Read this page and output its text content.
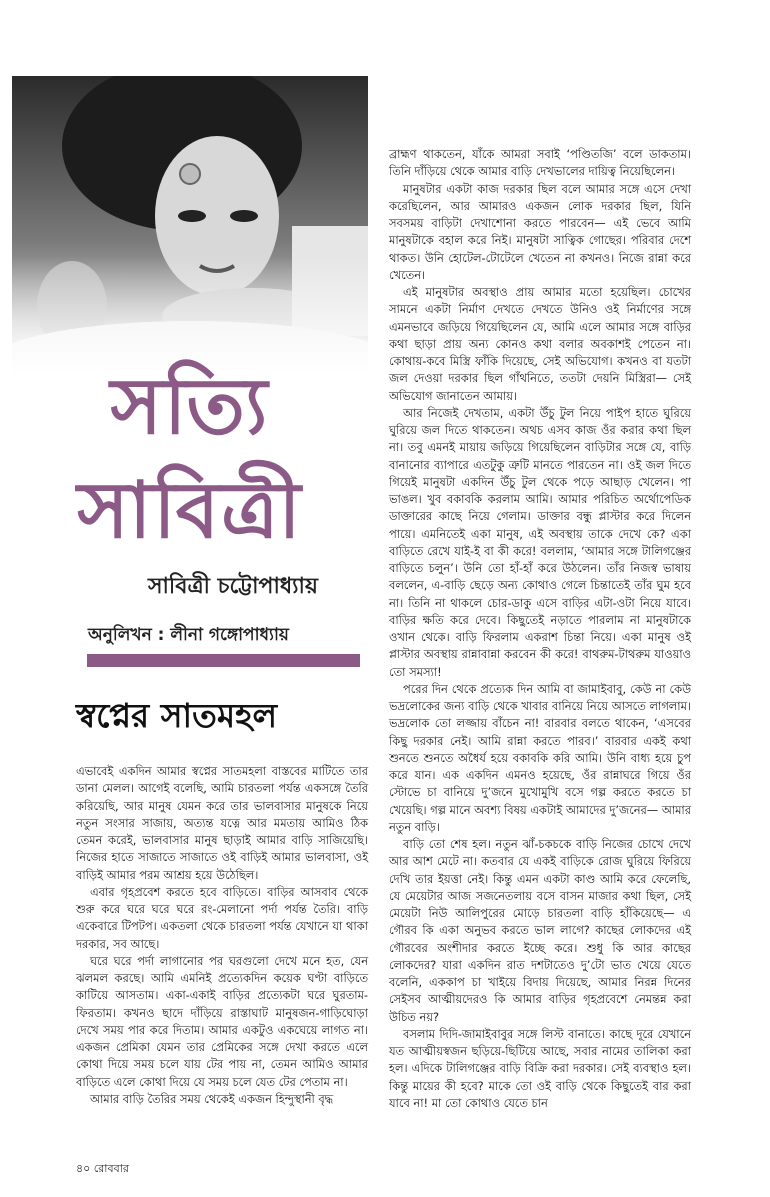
সত্যি
সাবিত্রী
সাবিত্রী চট্টোপাধ্যায়
অনুলিখন : লীনা গঙ্গোপাধ্যায়
স্বপ্নের সাতমহল

এভাবেই একদিন আমার স্বপ্নের সাতমহলা বাস্তবের মাটিতে তার ডানা মেলল। আগেই বলেছি, আমি চারতলা পর্যন্ত একসঙ্গে তৈরি করিয়েছি, আর মানুষ যেমন করে তার ভালবাসার মানুষকে নিয়ে নতুন সংসার সাজায়, অত্যন্ত যত্নে আর মমতায় আমিও ঠিক তেমন করেই, ভালবাসার মানুষ ছাড়াই আমার বাড়ি সাজিয়েছি। নিজের হাতে সাজাতে সাজাতে ওই বাড়িই আমার ভালবাসা, ওই বাড়িই আমার পরম আশ্রয় হয়ে উঠেছিল।

এবার গৃহপ্রবেশ করতে হবে বাড়িতে। বাড়ির আসবাব থেকে শুরু করে ঘরে ঘরে ঘরে রং-মেলানো পর্দা পর্যন্ত তৈরি। বাড়ি একেবারে টিপটপ। একতলা থেকে চারতলা পর্যন্ত যেখানে যা থাকা দরকার, সব আছে।

ঘরে ঘরে পর্দা লাগানোর পর ঘরগুলো দেখে মনে হত, যেন ঝলমল করছে। আমি এমনিই প্রত্যেকদিন কয়েক ঘণ্টা বাড়িতে কাটিয়ে আসতাম। একা-একাই বাড়ির প্রত্যেকটা ঘরে ঘুরতাম-ফিরতাম। কখনও ছাদে দাঁড়িয়ে রাস্তাঘাট মানুষজন-গাড়িঘোড়া দেখে সময় পার করে দিতাম। আমার একটুও একঘেয়ে লাগত না। একজন প্রেমিকা যেমন তার প্রেমিকের সঙ্গে দেখা করতে এলে কোথা দিয়ে সময় চলে যায় টের পায় না, তেমন আমিও আমার বাড়িতে এলে কোথা দিয়ে যে সময় চলে যেত টের পেতাম না।

আমার বাড়ি তৈরির সময় থেকেই একজন হিন্দুস্থানী বৃদ্ধ

ব্রাহ্মণ থাকতেন, যাঁকে আমরা সবাই ‘পণ্ডিতজি’ বলে ডাকতাম। তিনি দাঁড়িয়ে থেকে আমার বাড়ি দেখভালের দায়িত্ব নিয়েছিলেন।

মানুষটার একটা কাজ দরকার ছিল বলে আমার সঙ্গে এসে দেখা করেছিলেন, আর আমারও একজন লোক দরকার ছিল, যিনি সবসময় বাড়িটা দেখাশোনা করতে পারবেন— এই ভেবে আমি মানুষটাকে বহাল করে নিই। মানুষটা সাত্বিক গোছের। পরিবার দেশে থাকত। উনি হোটেল-টোটেলে খেতেন না কখনও। নিজে রান্না করে খেতেন।

এই মানুষটার অবস্থাও প্রায় আমার মতো হয়েছিল। চোখের সামনে একটা নির্মাণ দেখতে দেখতে উনিও ওই নির্মাণের সঙ্গে এমনভাবে জড়িয়ে গিয়েছিলেন যে, আমি এলে আমার সঙ্গে বাড়ির কথা ছাড়া প্রায় অন্য কোনও কথা বলার অবকাশই পেতেন না। কোথায়-কবে মিস্ত্রি ফাঁকি দিয়েছে, সেই অভিযোগ। কখনও বা যতটা জল দেওয়া দরকার ছিল গাঁথনিতে, ততটা দেয়নি মিস্ত্রিরা— সেই অভিযোগ জানাতেন আমায়।

আর নিজেই দেখতাম, একটা উঁচু টুল নিয়ে পাইপ হাতে ঘুরিয়ে ঘুরিয়ে জল দিতে থাকতেন। অথচ এসব কাজ ওঁর করার কথা ছিল না। তবু এমনই মায়ায় জড়িয়ে গিয়েছিলেন বাড়িটার সঙ্গে যে, বাড়ি বানানোর ব্যাপারে এতটুকু ত্রুটি মানতে পারতেন না। ওই জল দিতে গিয়েই মানুষটা একদিন উঁচু টুল থেকে পড়ে আছাড় খেলেন। পা ভাঙল। খুব বকাবকি করলাম আমি। আমার পরিচিত অর্থোপেডিক ডাক্তারের কাছে নিয়ে গেলাম। ডাক্তার বন্ধু প্লাস্টার করে দিলেন পায়ে। এমনিতেই একা মানুষ, এই অবস্থায় তাকে দেখে কে? একা বাড়িতে রেখে যাই-ই বা কী করে! বললাম, ‘আমার সঙ্গে টালিগঞ্জের বাড়িতে চলুন’। উনি তো হাঁ-হাঁ করে উঠলেন। তাঁর নিজস্ব ভাষায় বললেন, এ-বাড়ি ছেড়ে অন্য কোথাও গেলে চিন্তাতেই তাঁর ঘুম হবে না। তিনি না থাকলে চোর-ডাকু এসে বাড়ির এটা-ওটা নিয়ে যাবে। বাড়ির ক্ষতি করে দেবে। কিছুতেই নড়াতে পারলাম না মানুষটাকে ওখান থেকে। বাড়ি ফিরলাম একরাশ চিন্তা নিয়ে। একা মানুষ ওই প্লাস্টার অবস্থায় রান্নাবান্না করবেন কী করে! বাথরুম-টাথরুম যাওয়াও তো সমস্যা!

পরের দিন থেকে প্রত্যেক দিন আমি বা জামাইবাবু, কেউ না কেউ ভদ্রলোকের জন্য বাড়ি থেকে খাবার বানিয়ে নিয়ে আসতে লাগলাম। ভদ্রলোক তো লজ্জায় বাঁচেন না! বারবার বলতে থাকেন, ‘এসবের কিছু দরকার নেই। আমি রান্না করতে পারব।’ বারবার একই কথা শুনতে শুনতে অধৈর্য হয়ে বকাবকি করি আমি। উনি বাধ্য হয়ে চুপ করে যান। এক একদিন এমনও হয়েছে, ওঁর রান্নাঘরে গিয়ে ওঁর স্টোভে চা বানিয়ে দু’জনে মুখোমুখি বসে গল্প করতে করতে চা খেয়েছি। গল্প মানে অবশ্য বিষয় একটাই আমাদের দু’জনের— আমার নতুন বাড়ি।

বাড়ি তো শেষ হল। নতুন ঝাঁ-চকচকে বাড়ি নিজের চোখে দেখে আর আশ মেটে না। কতবার যে একই বাড়িকে রোজ ঘুরিয়ে ফিরিয়ে দেখি তার ইয়ত্তা নেই। কিন্তু এমন একটা কাণ্ড আমি করে ফেলেছি, যে মেয়েটার আজ সজনেতলায় বসে বাসন মাজার কথা ছিল, সেই মেয়েটা নিউ আলিপুরের মোড়ে চারতলা বাড়ি হাঁকিয়েছে— এ গৌরব কি একা অনুভব করতে ভাল লাগে? কাছের লোকদের এই গৌরবের অংশীদার করতে ইচ্ছে করে। শুধু কি আর কাছের লোকদের? যারা একদিন রাত দশটাতেও দু’টো ভাত খেয়ে যেতে বলেনি, এককাপ চা খাইয়ে বিদায় দিয়েছে, আমার নিরন্ন দিনের সেইসব আত্মীয়দেরও কি আমার বাড়ির গৃহপ্রবেশে নেমন্তন্ন করা উচিত নয়?

বসলাম দিদি-জামাইবাবুর সঙ্গে লিস্ট বানাতে। কাছে দূরে যেখানে যত আত্মীয়স্বজন ছড়িয়ে-ছিটিয়ে আছে, সবার নামের তালিকা করা হল। এদিকে টালিগঞ্জের বাড়ি বিক্রি করা দরকার। সেই ব্যবস্থাও হল। কিন্তু মায়ের কী হবে? মাকে তো ওই বাড়ি থেকে কিছুতেই বার করা যাবে না! মা তো কোথাও যেতে চান

৪০ রোববার
